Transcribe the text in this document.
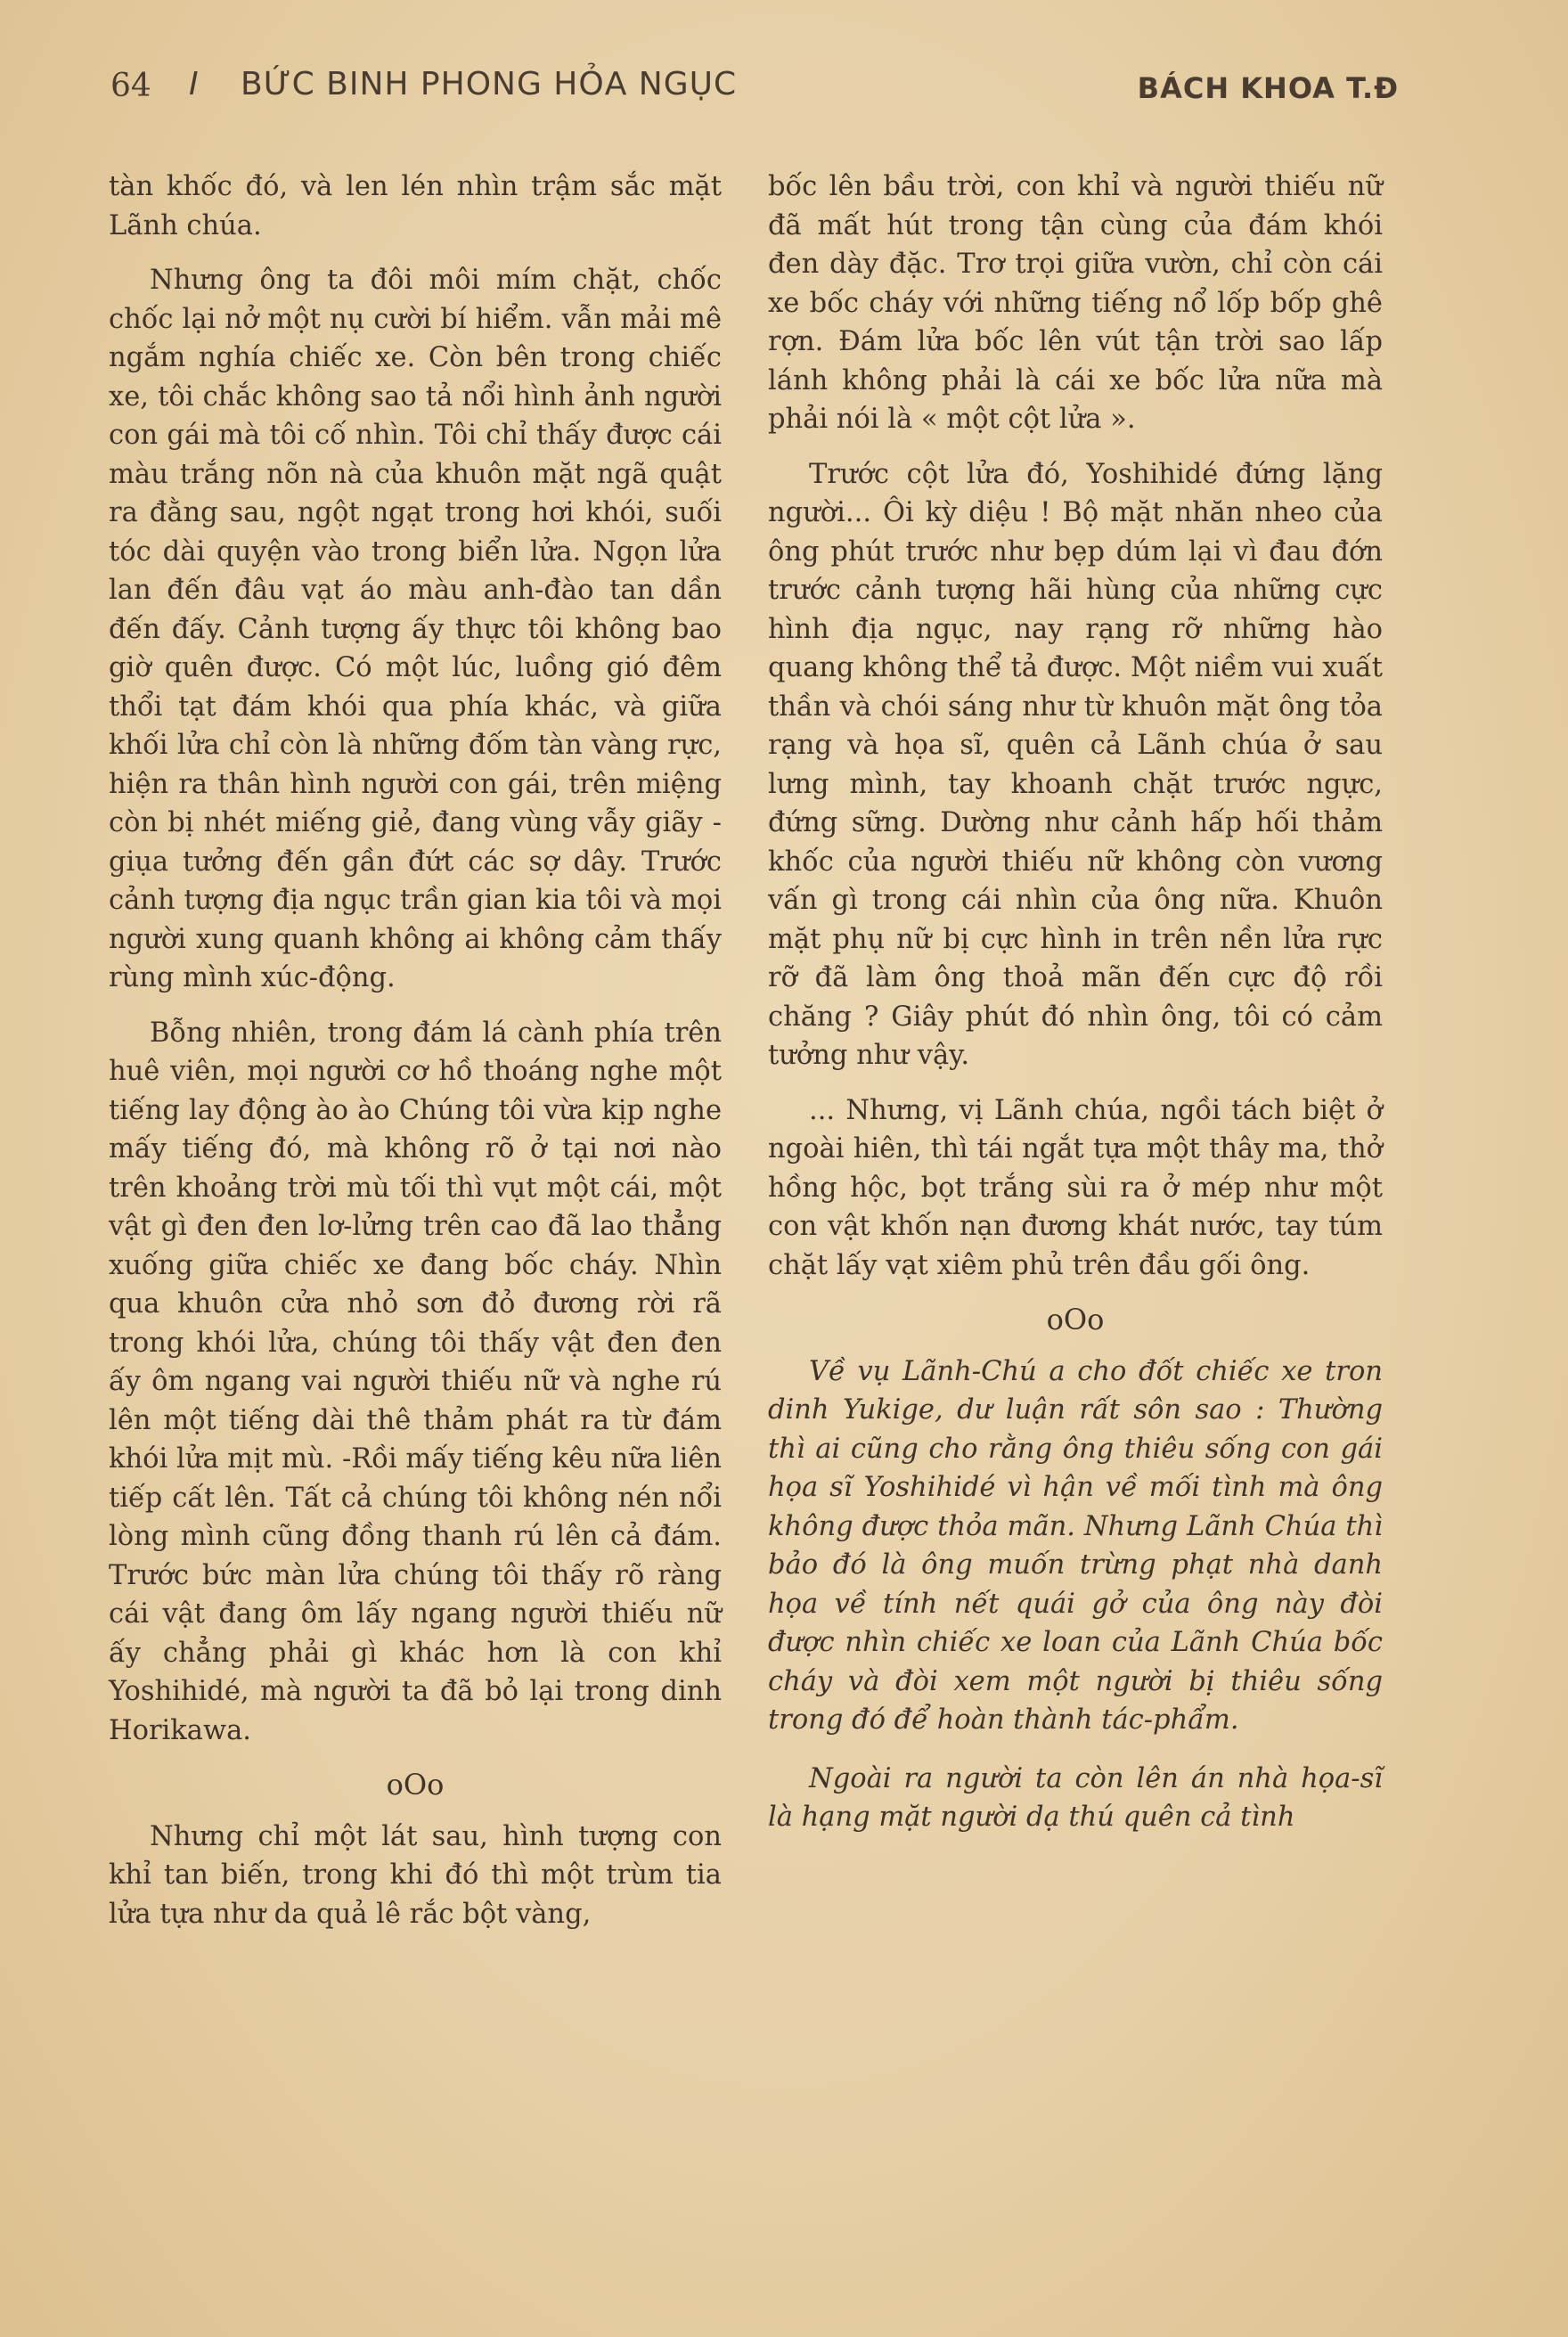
64 I BỨC BINH PHONG HỎA NGỤC	BÁCH KHOA T.Đ

tàn khốc đó, và len lén nhìn trậm sắc mặt Lãnh chúa.

Nhưng ông ta đôi môi mím chặt, chốc chốc lại nở một nụ cười bí hiểm. vẫn mải mê ngắm nghía chiếc xe. Còn bên trong chiếc xe, tôi chắc không sao tả nổi hình ảnh người con gái mà tôi cố nhìn. Tôi chỉ thấy được cái màu trắng nõn nà của khuôn mặt ngã quật ra đằng sau, ngột ngạt trong hơi khói, suối tóc dài quyện vào trong biển lửa. Ngọn lửa lan đến đâu vạt áo màu anh-đào tan dần đến đấy. Cảnh tượng ấy thực tôi không bao giờ quên được. Có một lúc, luồng gió đêm thổi tạt đám khói qua phía khác, và giữa khối lửa chỉ còn là những đốm tàn vàng rực, hiện ra thân hình người con gái, trên miệng còn bị nhét miếng giẻ, đang vùng vẫy giãy - giụa tưởng đến gần đứt các sợ dây. Trước cảnh tượng địa ngục trần gian kia tôi và mọi người xung quanh không ai không cảm thấy rùng mình xúc-động.

Bỗng nhiên, trong đám lá cành phía trên huê viên, mọi người cơ hồ thoáng nghe một tiếng lay động ào ào Chúng tôi vừa kịp nghe mấy tiếng đó, mà không rõ ở tại nơi nào trên khoảng trời mù tối thì vụt một cái, một vật gì đen đen lơ-lửng trên cao đã lao thẳng xuống giữa chiếc xe đang bốc cháy. Nhìn qua khuôn cửa nhỏ sơn đỏ đương rời rã trong khói lửa, chúng tôi thấy vật đen đen ấy ôm ngang vai người thiếu nữ và nghe rú lên một tiếng dài thê thảm phát ra từ đám khói lửa mịt mù. -Rồi mấy tiếng kêu nữa liên tiếp cất lên. Tất cả chúng tôi không nén nổi lòng mình cũng đồng thanh rú lên cả đám. Trước bức màn lửa chúng tôi thấy rõ ràng cái vật đang ôm lấy ngang người thiếu nữ ấy chẳng phải gì khác hơn là con khỉ Yoshihidé, mà người ta đã bỏ lại trong dinh Horikawa.

oOo

Nhưng chỉ một lát sau, hình tượng con khỉ tan biến, trong khi đó thì một trùm tia lửa tựa như da quả lê rắc bột vàng,

bốc lên bầu trời, con khỉ và người thiếu nữ đã mất hút trong tận cùng của đám khói đen dày đặc. Trơ trọi giữa vườn, chỉ còn cái xe bốc cháy với những tiếng nổ lốp bốp ghê rợn. Đám lửa bốc lên vút tận trời sao lấp lánh không phải là cái xe bốc lửa nữa mà phải nói là « một cột lửa ».

Trước cột lửa đó, Yoshihidé đứng lặng người... Ôi kỳ diệu ! Bộ mặt nhăn nheo của ông phút trước như bẹp dúm lại vì đau đớn trước cảnh tượng hãi hùng của những cực hình địa ngục, nay rạng rỡ những hào quang không thể tả được. Một niềm vui xuất thần và chói sáng như từ khuôn mặt ông tỏa rạng và họa sĩ, quên cả Lãnh chúa ở sau lưng mình, tay khoanh chặt trước ngực, đứng sững. Dường như cảnh hấp hối thảm khốc của người thiếu nữ không còn vương vấn gì trong cái nhìn của ông nữa. Khuôn mặt phụ nữ bị cực hình in trên nền lửa rực rỡ đã làm ông thoả mãn đến cực độ rồi chăng ? Giây phút đó nhìn ông, tôi có cảm tưởng như vậy.

... Nhưng, vị Lãnh chúa, ngồi tách biệt ở ngoài hiên, thì tái ngắt tựa một thây ma, thở hồng hộc, bọt trắng sùi ra ở mép như một con vật khốn nạn đương khát nước, tay túm chặt lấy vạt xiêm phủ trên đầu gối ông.

oOo

Về vụ Lãnh-Chú a cho đốt chiếc xe tron dinh Yukige, dư luận rất sôn sao : Thường thì ai cũng cho rằng ông thiêu sống con gái họa sĩ Yoshihidé vì hận về mối tình mà ông không được thỏa mãn. Nhưng Lãnh Chúa thì bảo đó là ông muốn trừng phạt nhà danh họa về tính nết quái gở của ông này đòi được nhìn chiếc xe loan của Lãnh Chúa bốc cháy và đòi xem một người bị thiêu sống trong đó để hoàn thành tác-phẩm.

Ngoài ra người ta còn lên án nhà họa-sĩ là hạng mặt người dạ thú quên cả tình
